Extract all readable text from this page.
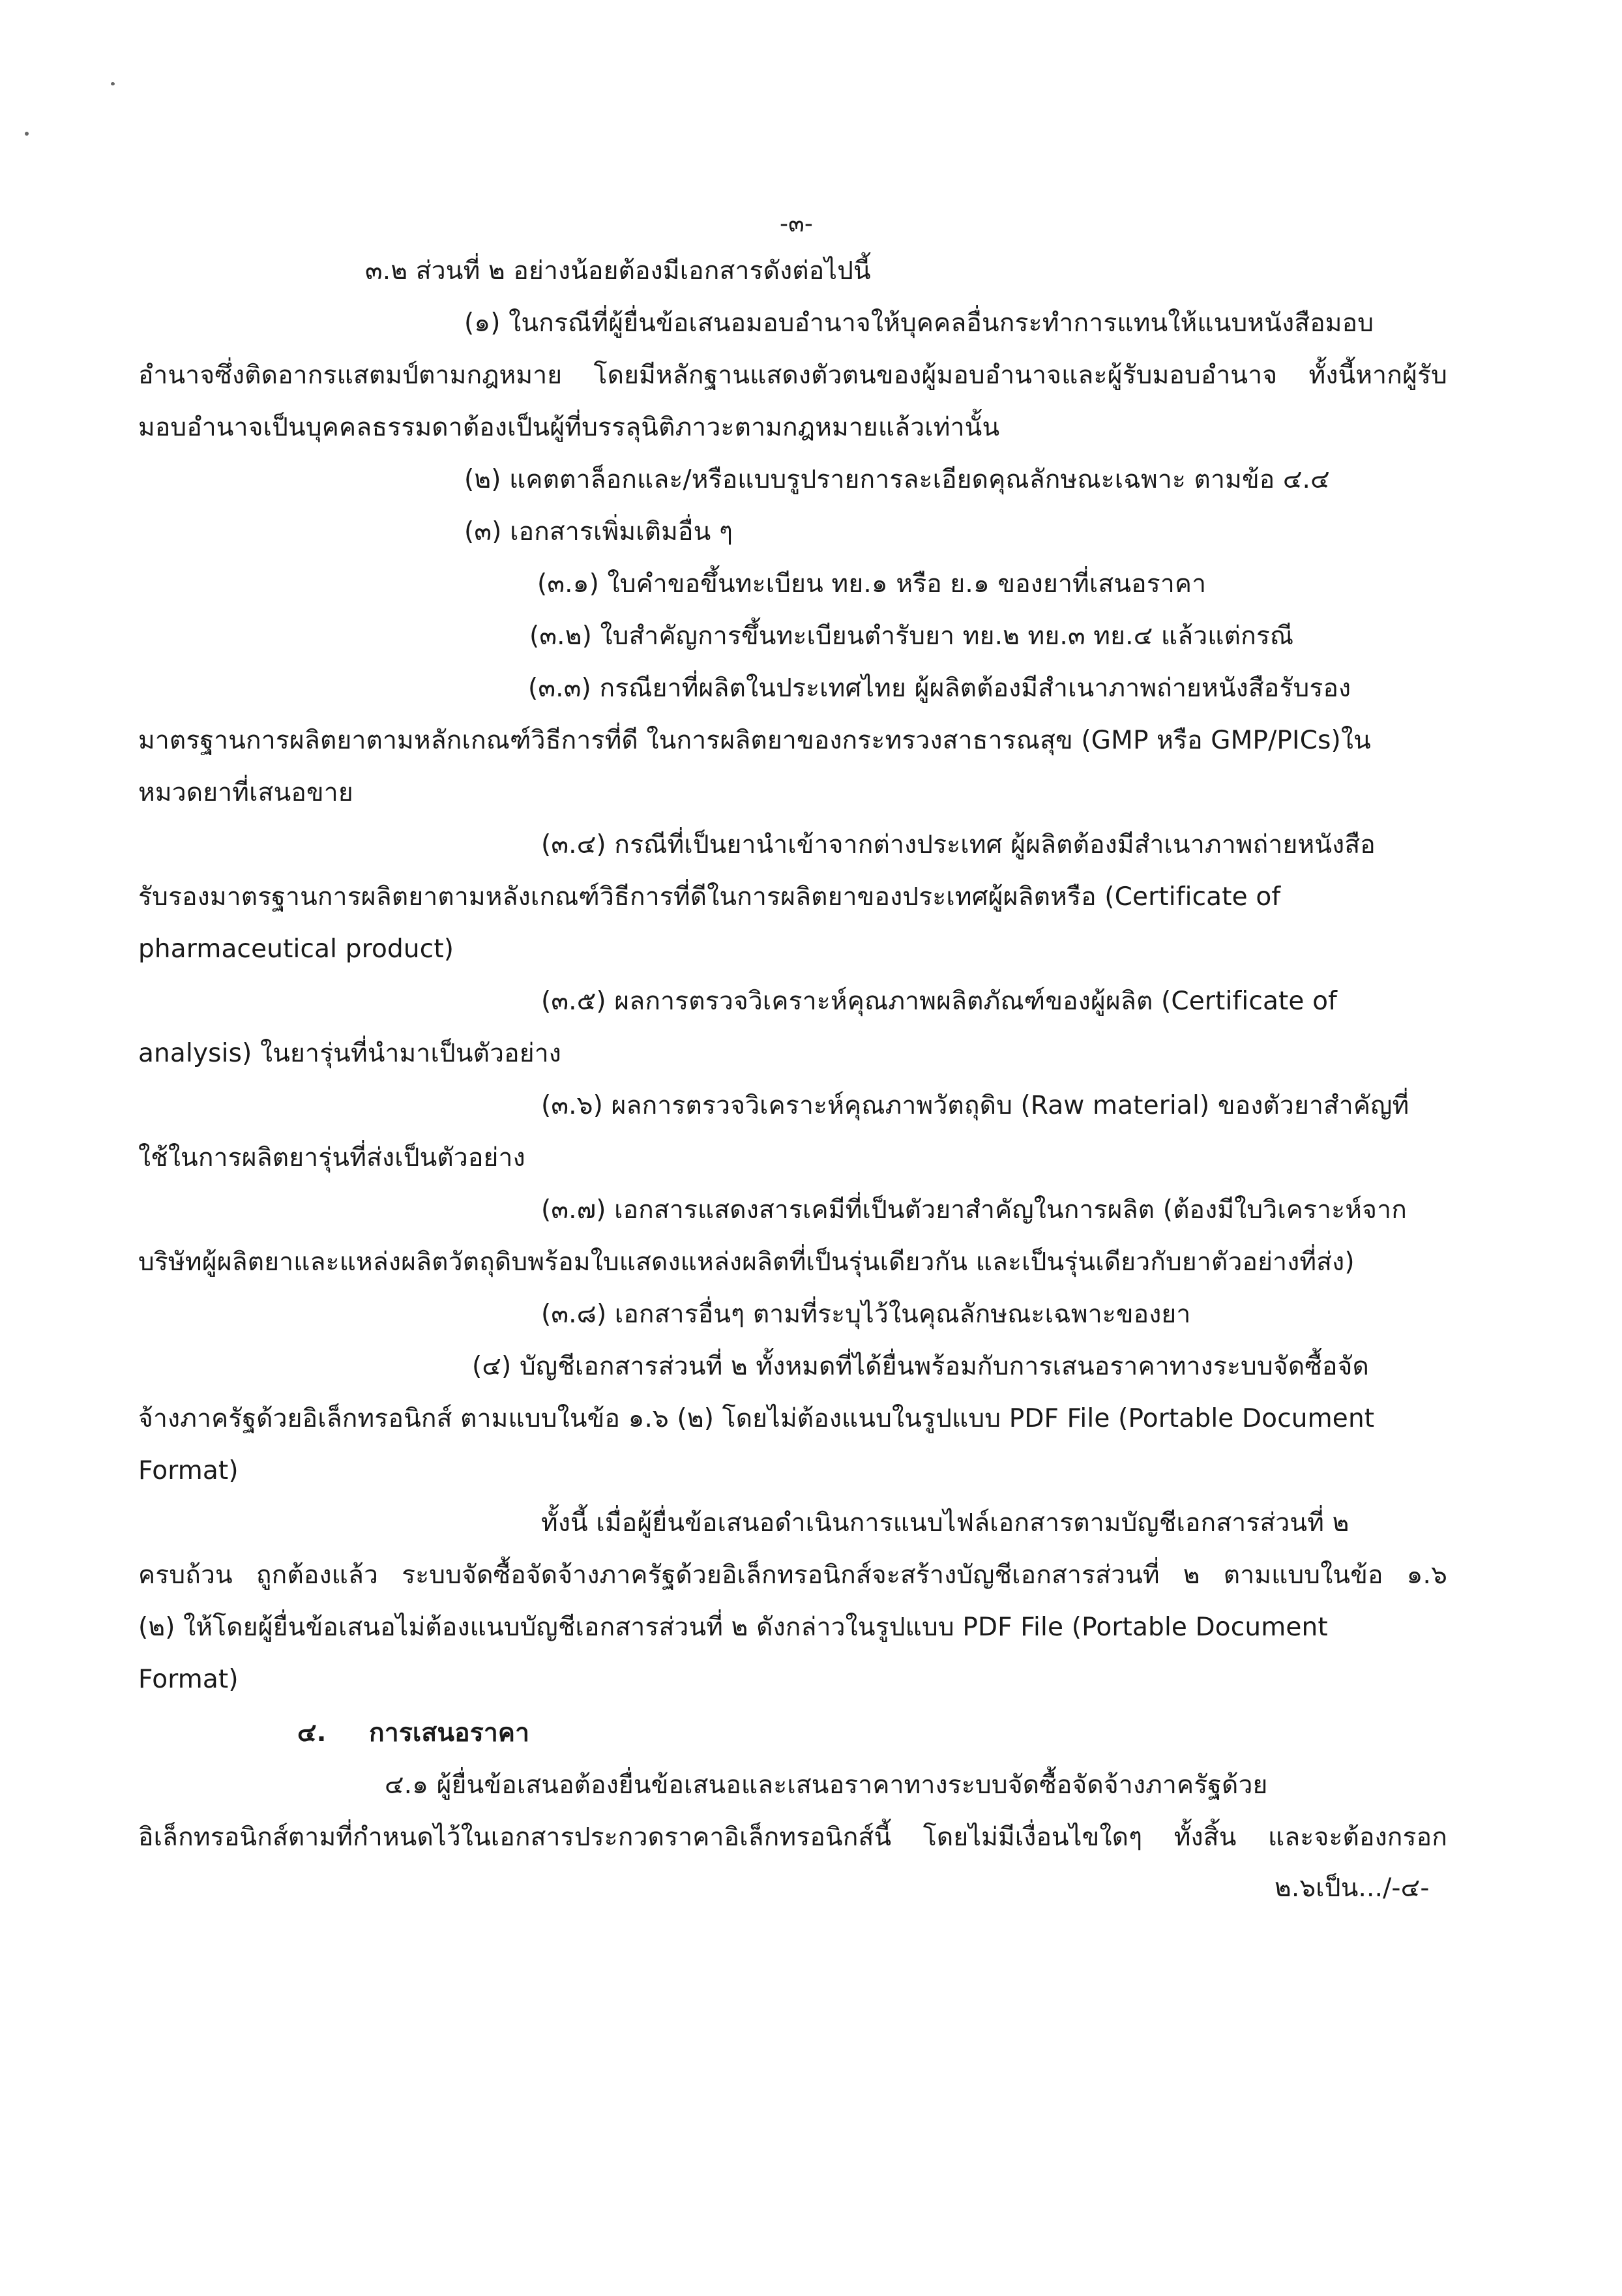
-๓-
๓.๒ ส่วนที่ ๒ อย่างน้อยต้องมีเอกสารดังต่อไปนี้
(๑) ในกรณีที่ผู้ยื่นข้อเสนอมอบอำนาจให้บุคคลอื่นกระทำการแทนให้แนบหนังสือมอบ
อำนาจซึ่งติดอากรแสตมป์ตามกฎหมาย โดยมีหลักฐานแสดงตัวตนของผู้มอบอำนาจและผู้รับมอบอำนาจ ทั้งนี้หากผู้รับ
มอบอำนาจเป็นบุคคลธรรมดาต้องเป็นผู้ที่บรรลุนิติภาวะตามกฎหมายแล้วเท่านั้น
(๒) แคตตาล็อกและ/หรือแบบรูปรายการละเอียดคุณลักษณะเฉพาะ ตามข้อ ๔.๔
(๓) เอกสารเพิ่มเติมอื่น ๆ
(๓.๑) ใบคำขอขึ้นทะเบียน ทย.๑ หรือ ย.๑ ของยาที่เสนอราคา
(๓.๒) ใบสำคัญการขึ้นทะเบียนตำรับยา ทย.๒ ทย.๓ ทย.๔ แล้วแต่กรณี
(๓.๓) กรณียาที่ผลิตในประเทศไทย ผู้ผลิตต้องมีสำเนาภาพถ่ายหนังสือรับรอง
มาตรฐานการผลิตยาตามหลักเกณฑ์วิธีการที่ดี ในการผลิตยาของกระทรวงสาธารณสุข (GMP หรือ GMP/PICs)ใน
หมวดยาที่เสนอขาย
(๓.๔) กรณีที่เป็นยานำเข้าจากต่างประเทศ ผู้ผลิตต้องมีสำเนาภาพถ่ายหนังสือ
รับรองมาตรฐานการผลิตยาตามหลังเกณฑ์วิธีการที่ดีในการผลิตยาของประเทศผู้ผลิตหรือ (Certificate of
pharmaceutical product)
(๓.๕) ผลการตรวจวิเคราะห์คุณภาพผลิตภัณฑ์ของผู้ผลิต (Certificate of
analysis) ในยารุ่นที่นำมาเป็นตัวอย่าง
(๓.๖) ผลการตรวจวิเคราะห์คุณภาพวัตถุดิบ (Raw material) ของตัวยาสำคัญที่
ใช้ในการผลิตยารุ่นที่ส่งเป็นตัวอย่าง
(๓.๗) เอกสารแสดงสารเคมีที่เป็นตัวยาสำคัญในการผลิต (ต้องมีใบวิเคราะห์จาก
บริษัทผู้ผลิตยาและแหล่งผลิตวัตถุดิบพร้อมใบแสดงแหล่งผลิตที่เป็นรุ่นเดียวกัน และเป็นรุ่นเดียวกับยาตัวอย่างที่ส่ง)
(๓.๘) เอกสารอื่นๆ ตามที่ระบุไว้ในคุณลักษณะเฉพาะของยา
(๔) บัญชีเอกสารส่วนที่ ๒ ทั้งหมดที่ได้ยื่นพร้อมกับการเสนอราคาทางระบบจัดซื้อจัด
จ้างภาครัฐด้วยอิเล็กทรอนิกส์ ตามแบบในข้อ ๑.๖ (๒) โดยไม่ต้องแนบในรูปแบบ PDF File (Portable Document
Format)
ทั้งนี้ เมื่อผู้ยื่นข้อเสนอดำเนินการแนบไฟล์เอกสารตามบัญชีเอกสารส่วนที่ ๒
ครบถ้วน ถูกต้องแล้ว ระบบจัดซื้อจัดจ้างภาครัฐด้วยอิเล็กทรอนิกส์จะสร้างบัญชีเอกสารส่วนที่ ๒ ตามแบบในข้อ ๑.๖
(๒) ให้โดยผู้ยื่นข้อเสนอไม่ต้องแนบบัญชีเอกสารส่วนที่ ๒ ดังกล่าวในรูปแบบ PDF File (Portable Document
Format)
๔. การเสนอราคา
๔.๑ ผู้ยื่นข้อเสนอต้องยื่นข้อเสนอและเสนอราคาทางระบบจัดซื้อจัดจ้างภาครัฐด้วย
อิเล็กทรอนิกส์ตามที่กำหนดไว้ในเอกสารประกวดราคาอิเล็กทรอนิกส์นี้ โดยไม่มีเงื่อนไขใดๆ ทั้งสิ้น และจะต้องกรอก
๒.๖เป็น.../-๔-
